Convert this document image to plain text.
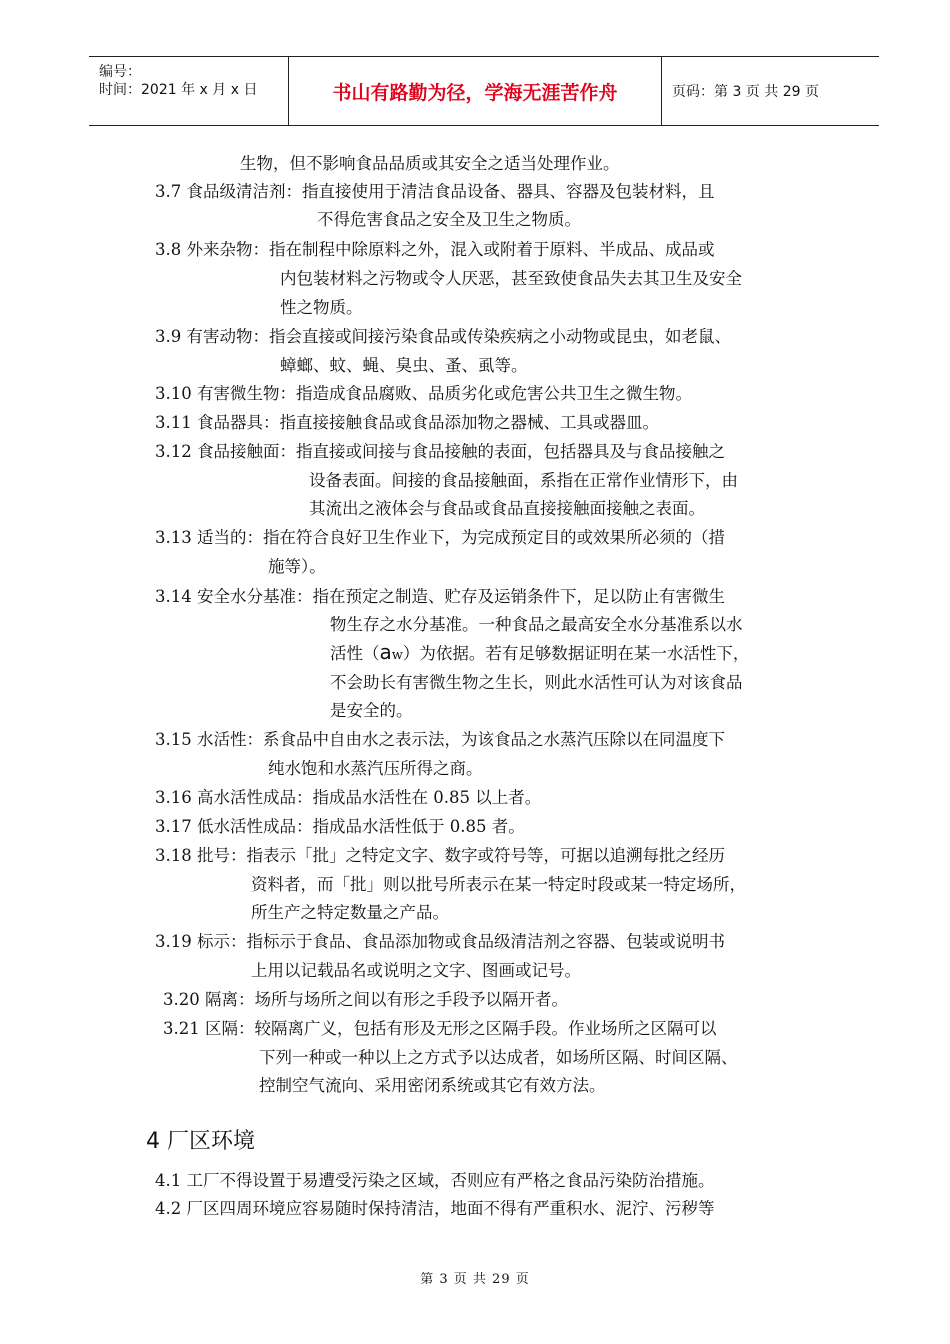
编号：
时间：2021 年 x 月 x 日	书山有路勤为径，学海无涯苦作舟	页码：第 3 页 共 29 页
生物，但不影响食品品质或其安全之适当处理作业。
3.7 食品级清洁剂：指直接使用于清洁食品设备、器具、容器及包装材料，且
不得危害食品之安全及卫生之物质。
3.8 外来杂物：指在制程中除原料之外，混入或附着于原料、半成品、成品或
内包装材料之污物或令人厌恶，甚至致使食品失去其卫生及安全
性之物质。
3.9 有害动物：指会直接或间接污染食品或传染疾病之小动物或昆虫，如老鼠、
蟑螂、蚊、蝇、臭虫、蚤、虱等。
3.10 有害微生物：指造成食品腐败、品质劣化或危害公共卫生之微生物。
3.11 食品器具：指直接接触食品或食品添加物之器械、工具或器皿。
3.12 食品接触面：指直接或间接与食品接触的表面，包括器具及与食品接触之
设备表面。间接的食品接触面，系指在正常作业情形下，由
其流出之液体会与食品或食品直接接触面接触之表面。
3.13 适当的：指在符合良好卫生作业下，为完成预定目的或效果所必须的（措
施等）。
3.14 安全水分基准：指在预定之制造、贮存及运销条件下，足以防止有害微生
物生存之水分基准。一种食品之最高安全水分基准系以水
活性（aw）为依据。若有足够数据证明在某一水活性下，
不会助长有害微生物之生长，则此水活性可认为对该食品
是安全的。
3.15 水活性：系食品中自由水之表示法，为该食品之水蒸汽压除以在同温度下
纯水饱和水蒸汽压所得之商。
3.16 高水活性成品：指成品水活性在 0.85 以上者。
3.17 低水活性成品：指成品水活性低于 0.85 者。
3.18 批号：指表示「批」之特定文字、数字或符号等，可据以追溯每批之经历
资料者，而「批」则以批号所表示在某一特定时段或某一特定场所，
所生产之特定数量之产品。
3.19 标示：指标示于食品、食品添加物或食品级清洁剂之容器、包装或说明书
上用以记载品名或说明之文字、图画或记号。
3.20 隔离：场所与场所之间以有形之手段予以隔开者。
3.21 区隔：较隔离广义，包括有形及无形之区隔手段。作业场所之区隔可以
下列一种或一种以上之方式予以达成者，如场所区隔、时间区隔、
控制空气流向、采用密闭系统或其它有效方法。
4 厂区环境
4.1 工厂不得设置于易遭受污染之区域，否则应有严格之食品污染防治措施。
4.2 厂区四周环境应容易随时保持清洁，地面不得有严重积水、泥泞、污秽等
第 3 页 共 29 页
